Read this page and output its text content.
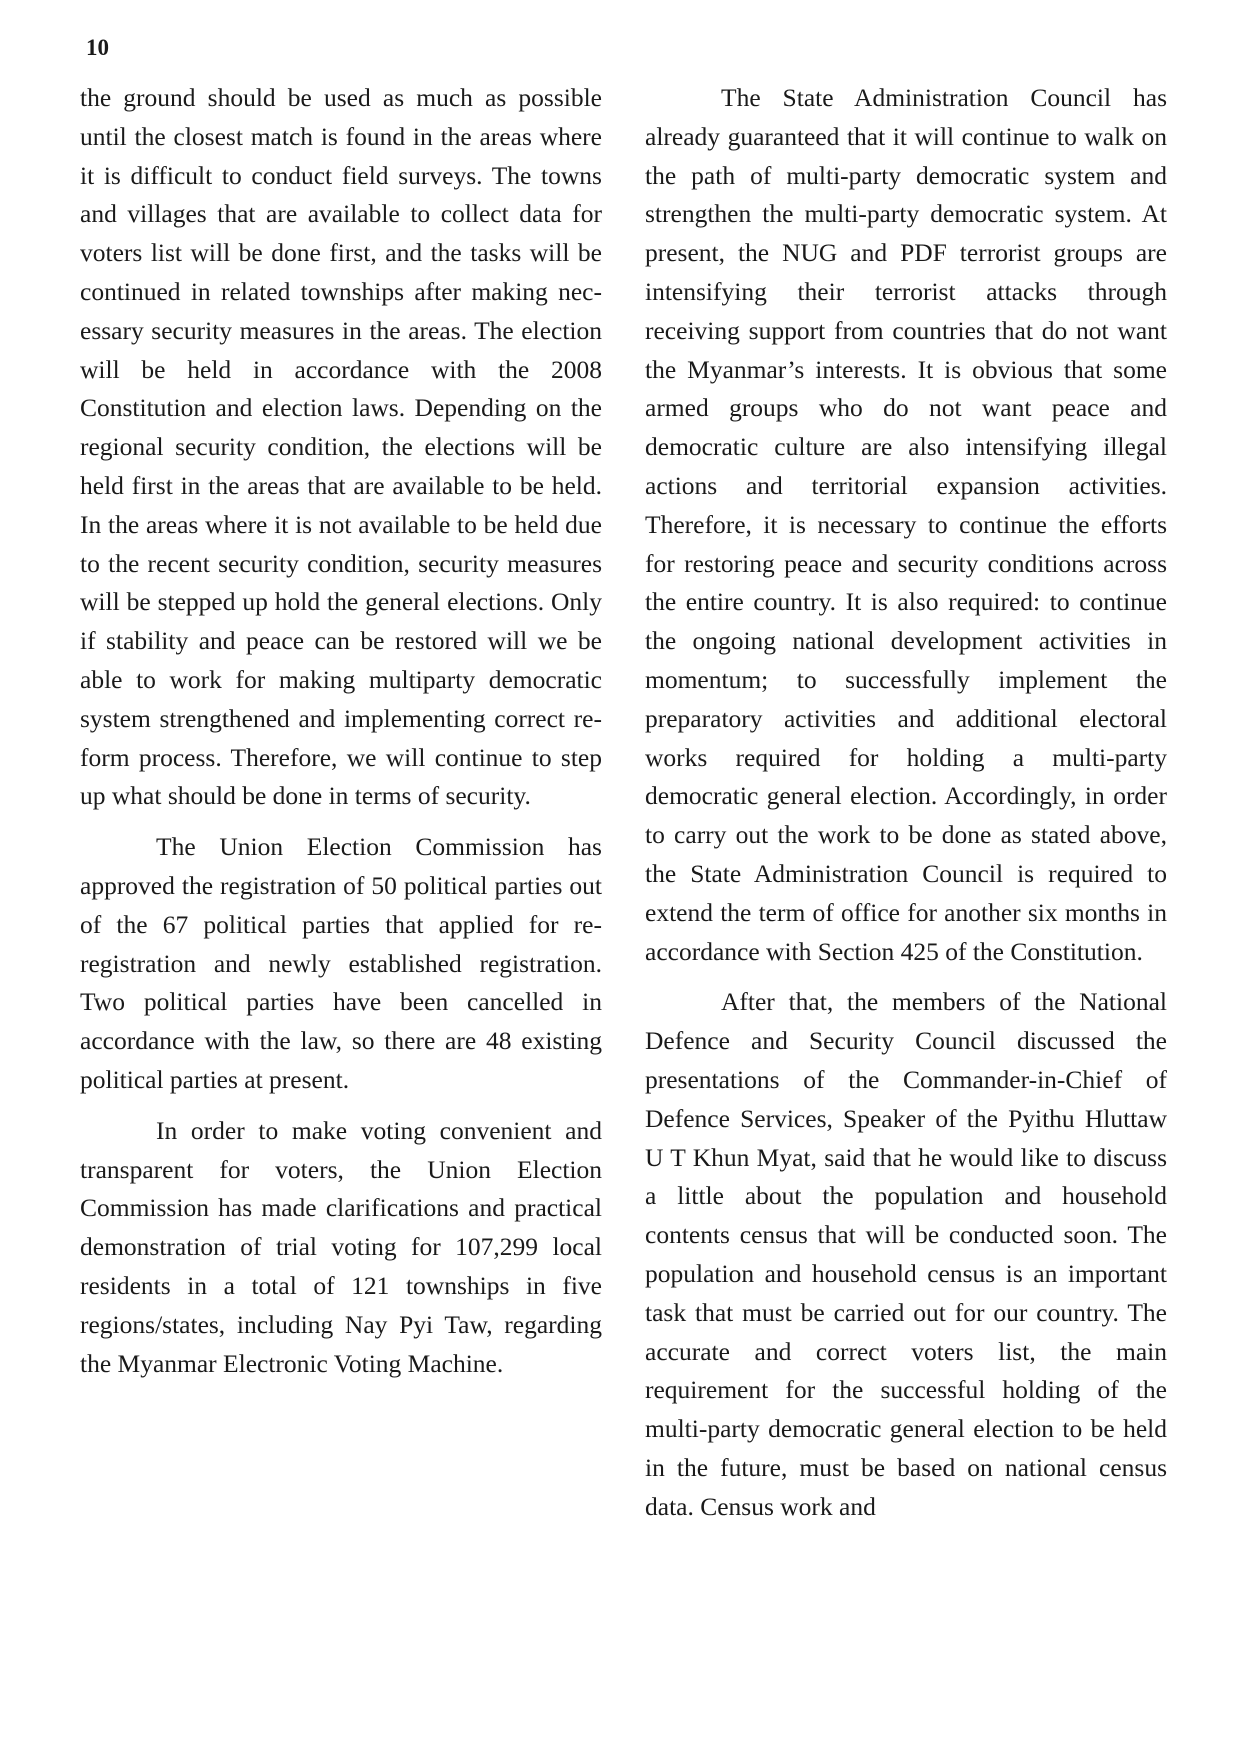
10

the ground should be used as much as possible until the closest match is found in the areas where it is difficult to conduct field surveys. The towns and villages that are available to collect data for voters list will be done first, and the tasks will be continued in related townships after making necessary security measures in the areas. The election will be held in accordance with the 2008 Constitution and election laws. Depending on the regional security condition, the elections will be held first in the areas that are available to be held. In the areas where it is not available to be held due to the recent security condition, security measures will be stepped up hold the general elections. Only if stability and peace can be restored will we be able to work for making multiparty democratic system strengthened and implementing correct reform process. Therefore, we will continue to step up what should be done in terms of security.

The Union Election Commission has approved the registration of 50 political parties out of the 67 political parties that applied for re-registration and newly established registration. Two political parties have been cancelled in accordance with the law, so there are 48 existing political parties at present.

In order to make voting convenient and transparent for voters, the Union Election Commission has made clarifications and practical demonstration of trial voting for 107,299 local residents in a total of 121 townships in five regions/states, including Nay Pyi Taw, regarding the Myanmar Electronic Voting Machine.

The State Administration Council has already guaranteed that it will continue to walk on the path of multi-party democratic system and strengthen the multi-party democratic system. At present, the NUG and PDF terrorist groups are intensifying their terrorist attacks through receiving support from countries that do not want the Myanmar’s interests. It is obvious that some armed groups who do not want peace and democratic culture are also intensifying illegal actions and territorial expansion activities. Therefore, it is necessary to continue the efforts for restoring peace and security conditions across the entire country. It is also required: to continue the ongoing national development activities in momentum; to successfully implement the preparatory activities and additional electoral works required for holding a multi-party democratic general election. Accordingly, in order to carry out the work to be done as stated above, the State Administration Council is required to extend the term of office for another six months in accordance with Section 425 of the Constitution.

After that, the members of the National Defence and Security Council discussed the presentations of the Commander-in-Chief of Defence Services, Speaker of the Pyithu Hluttaw U T Khun Myat, said that he would like to discuss a little about the population and household contents census that will be conducted soon. The population and household census is an important task that must be carried out for our country. The accurate and correct voters list, the main requirement for the successful holding of the multi-party democratic general election to be held in the future, must be based on national census data. Census work and
